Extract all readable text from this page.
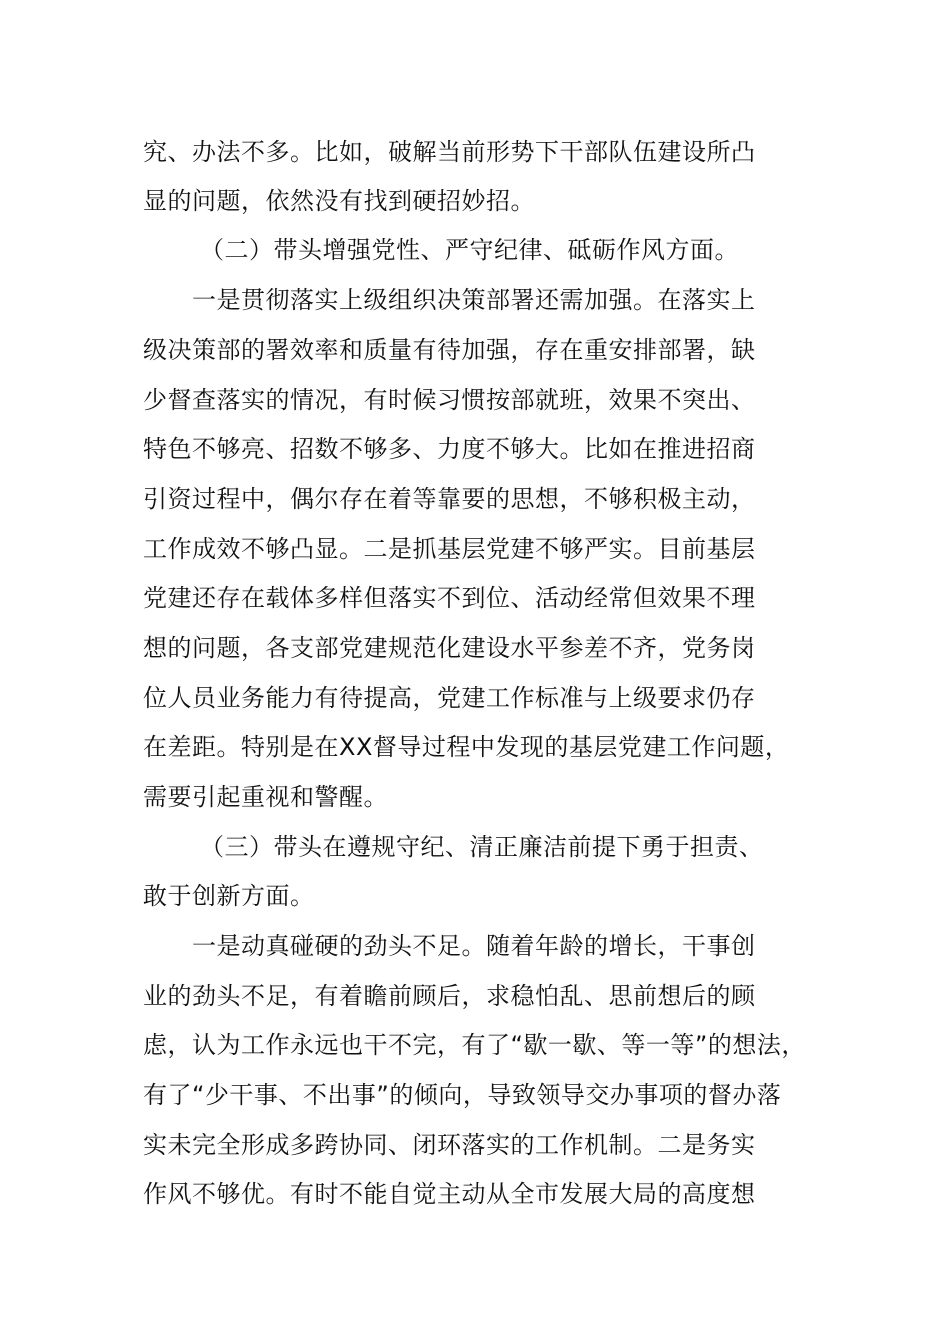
究、办法不多。比如，破解当前形势下干部队伍建设所凸
显的问题，依然没有找到硬招妙招。
（二）带头增强党性、严守纪律、砥砺作风方面。
一是贯彻落实上级组织决策部署还需加强。在落实上
级决策部的署效率和质量有待加强，存在重安排部署，缺
少督查落实的情况，有时候习惯按部就班，效果不突出、
特色不够亮、招数不够多、力度不够大。比如在推进招商
引资过程中，偶尔存在着等靠要的思想，不够积极主动，
工作成效不够凸显。二是抓基层党建不够严实。目前基层
党建还存在载体多样但落实不到位、活动经常但效果不理
想的问题，各支部党建规范化建设水平参差不齐，党务岗
位人员业务能力有待提高，党建工作标准与上级要求仍存
在差距。特别是在XX督导过程中发现的基层党建工作问题，
需要引起重视和警醒。
（三）带头在遵规守纪、清正廉洁前提下勇于担责、
敢于创新方面。
一是动真碰硬的劲头不足。随着年龄的增长，干事创
业的劲头不足，有着瞻前顾后，求稳怕乱、思前想后的顾
虑，认为工作永远也干不完，有了“歇一歇、等一等”的想法，
有了“少干事、不出事”的倾向，导致领导交办事项的督办落
实未完全形成多跨协同、闭环落实的工作机制。二是务实
作风不够优。有时不能自觉主动从全市发展大局的高度想
